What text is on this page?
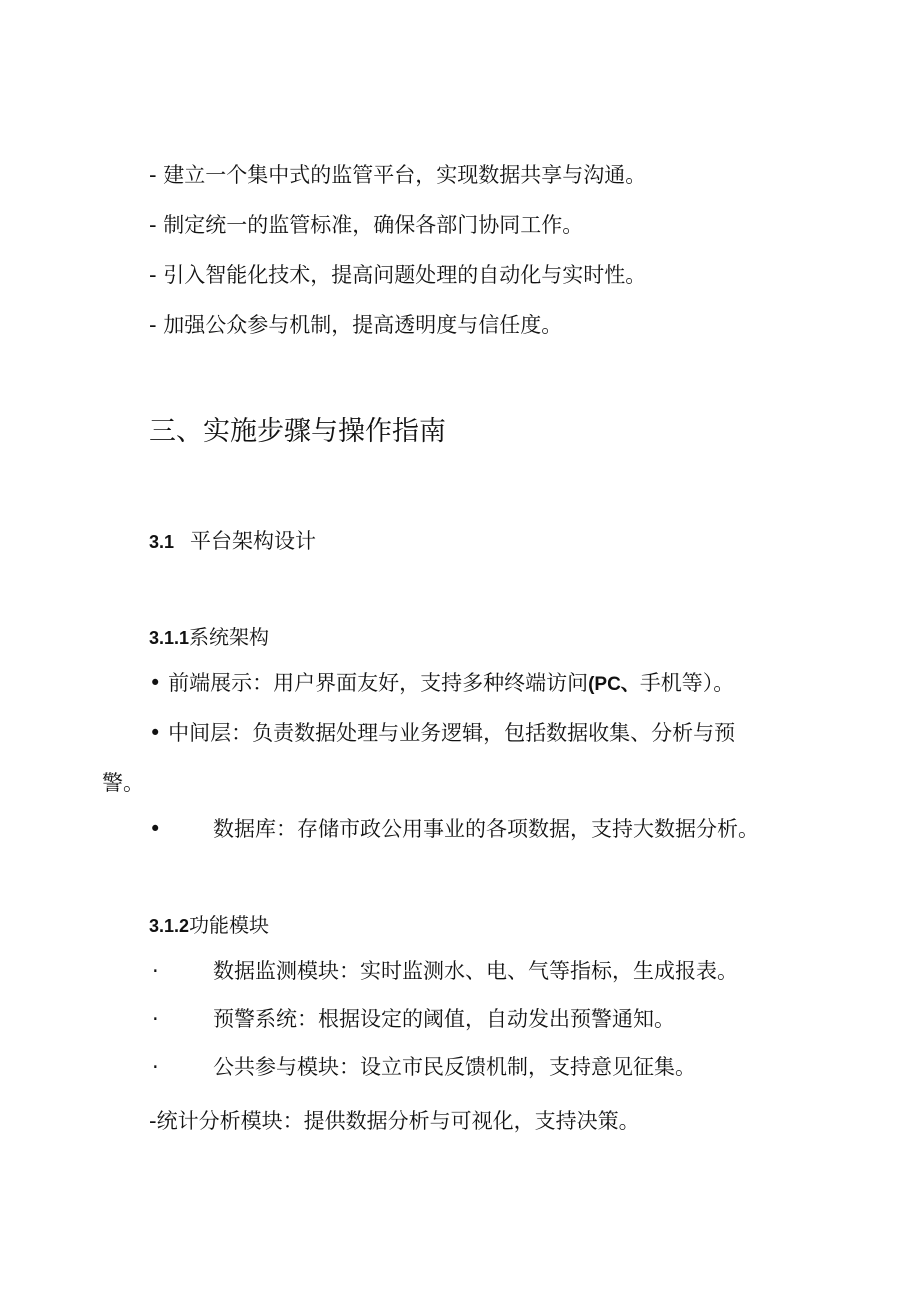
- 建立一个集中式的监管平台，实现数据共享与沟通。
- 制定统一的监管标准，确保各部门协同工作。
- 引入智能化技术，提高问题处理的自动化与实时性。
- 加强公众参与机制，提高透明度与信任度。
三、实施步骤与操作指南
3.1 平台架构设计
3.1.1系统架构
• 前端展示：用户界面友好，支持多种终端访问(PC、手机等）。
• 中间层：负责数据处理与业务逻辑，包括数据收集、分析与预
警。
• 数据库：存储市政公用事业的各项数据，支持大数据分析。
3.1.2功能模块
·	数据监测模块：实时监测水、电、气等指标，生成报表。
·	预警系统：根据设定的阈值，自动发出预警通知。
·	公共参与模块：设立市民反馈机制，支持意见征集。
-统计分析模块：提供数据分析与可视化，支持决策。
